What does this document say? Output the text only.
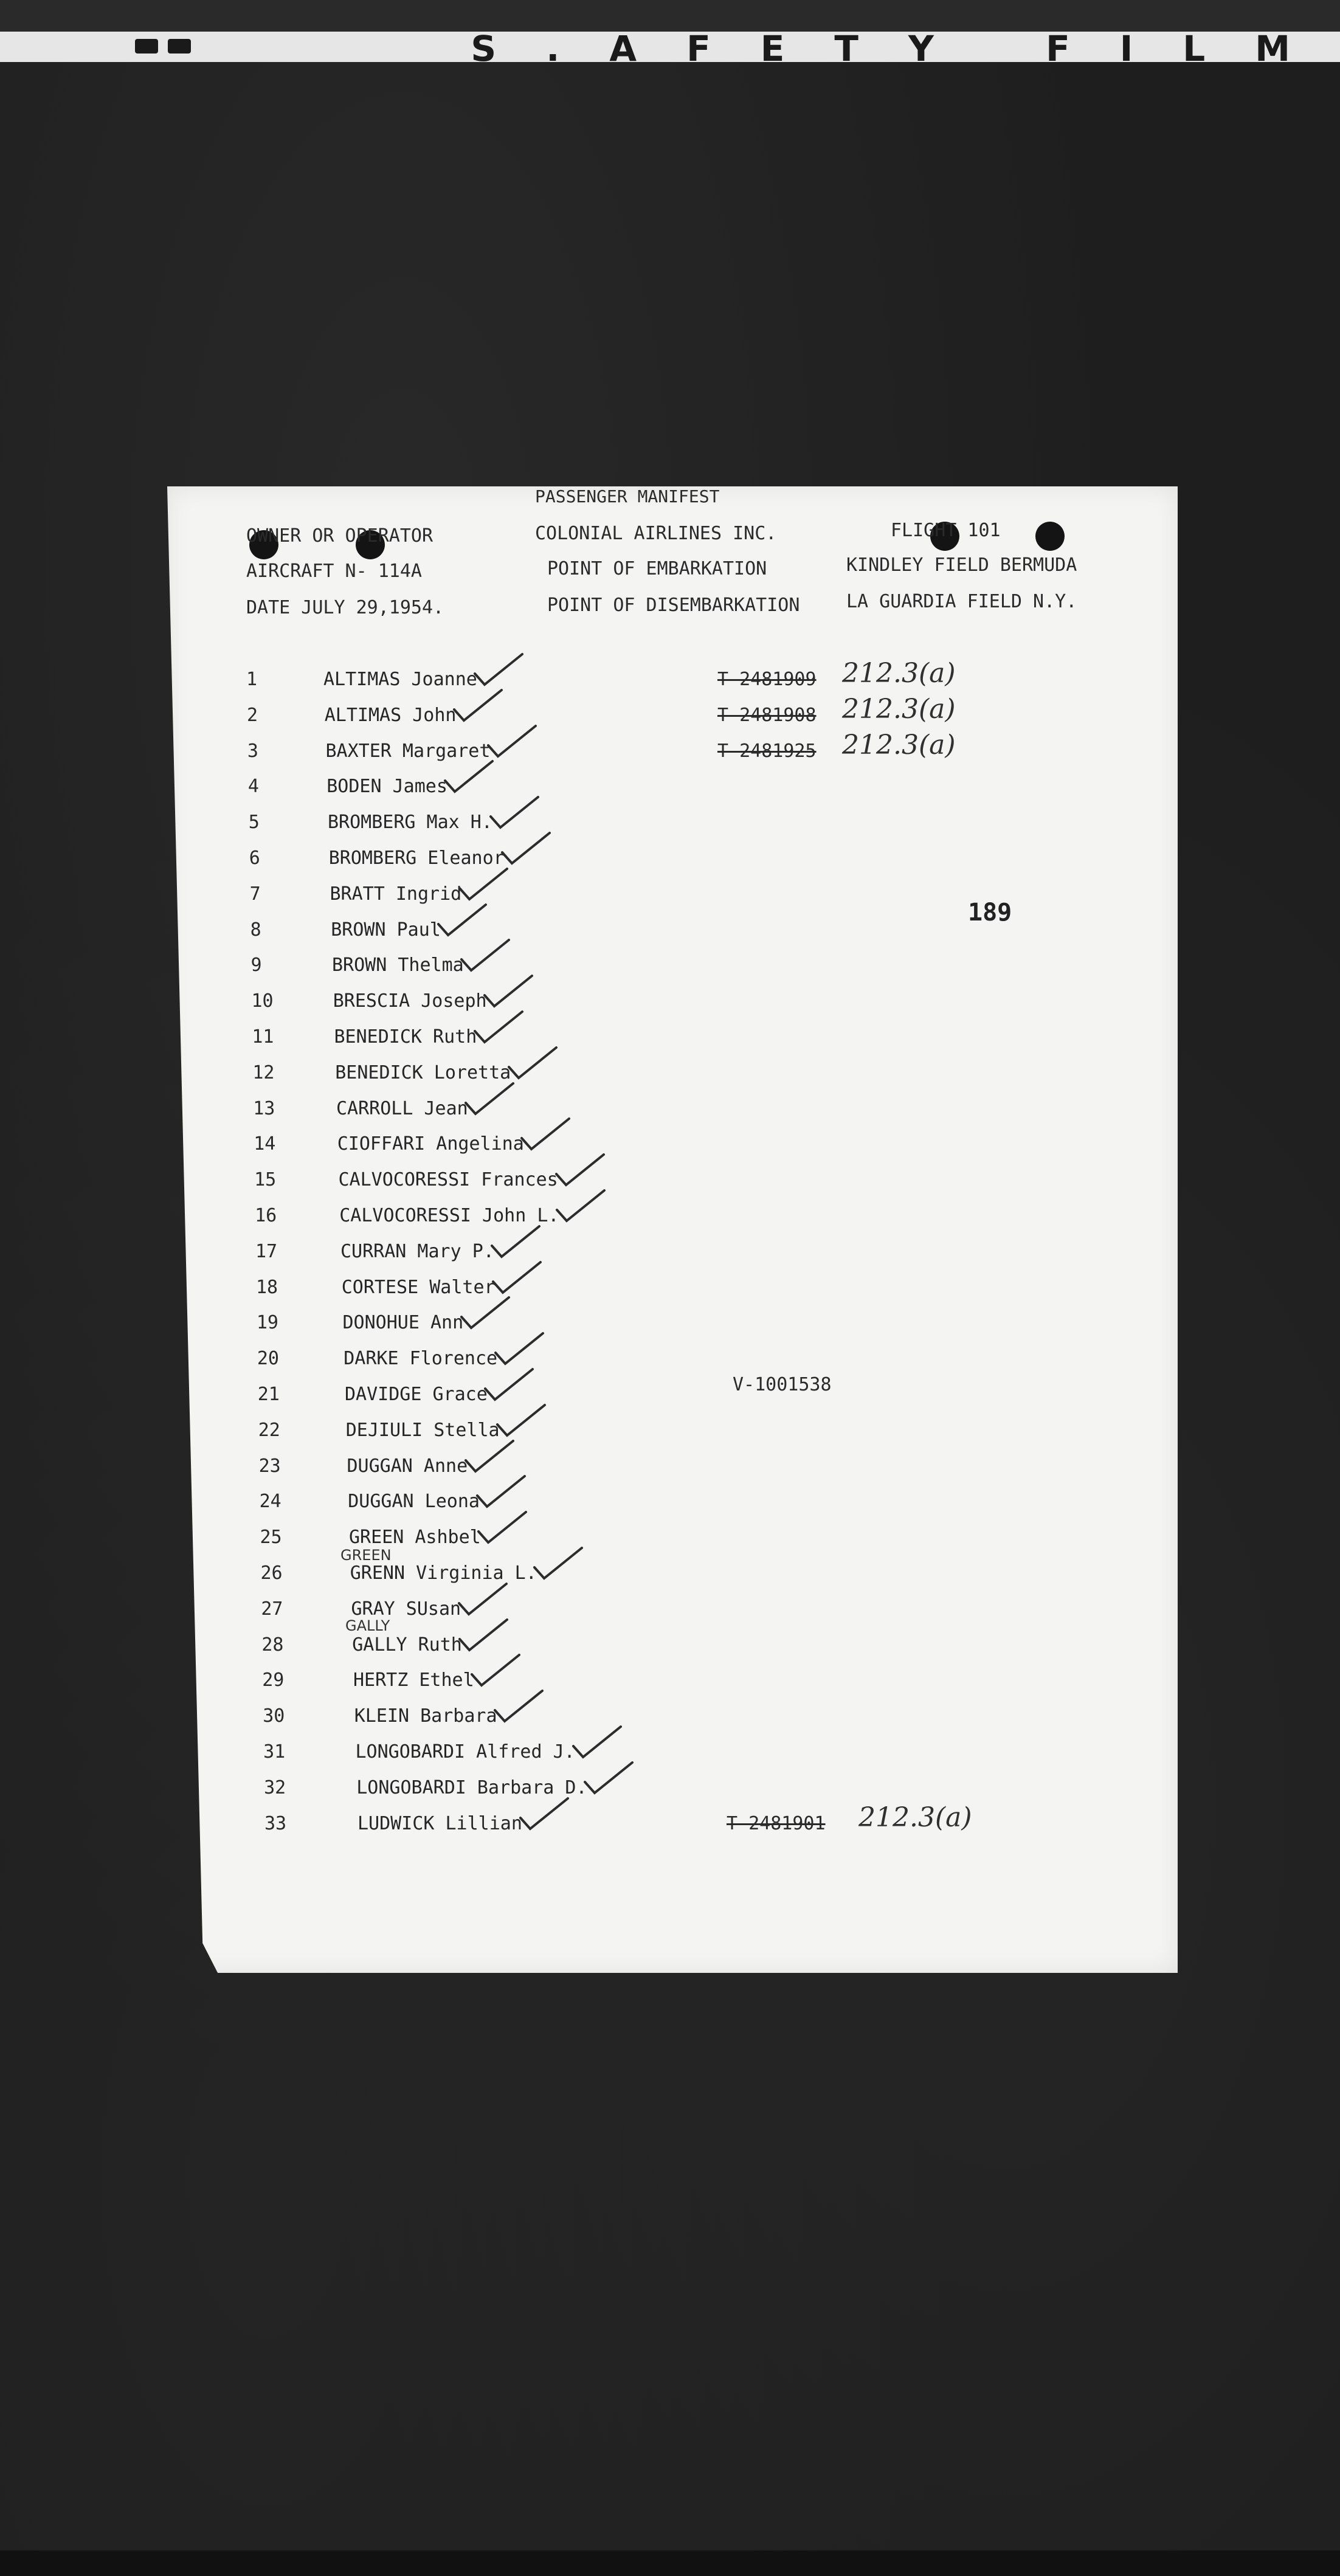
S.AFETY FILM
PASSENGER MANIFEST
OWNER OR OPERATOR	COLONIAL AIRLINES INC.	FLIGHT 101
AIRCRAFT N- 114A	POINT OF EMBARKATION	KINDLEY FIELD BERMUDA
DATE JULY 29,1954.	POINT OF DISEMBARKATION	LA GUARDIA FIELD N.Y.
189
V-1001538
GREEN
GALLY
1	ALTIMAS Joanne	T-2481909 212.3(a)
2	ALTIMAS John	T-2481908 212.3(a)
3	BAXTER Margaret	T-2481925 212.3(a)
4	BODEN James
5	BROMBERG Max H.
6	BROMBERG Eleanor
7	BRATT Ingrid
8	BROWN Paul
9	BROWN Thelma
10	BRESCIA Joseph
11	BENEDICK Ruth
12	BENEDICK Loretta
13	CARROLL Jean
14	CIOFFARI Angelina
15	CALVOCORESSI Frances
16	CALVOCORESSI John L.
17	CURRAN Mary P.
18	CORTESE Walter
19	DONOHUE Ann
20	DARKE Florence
21	DAVIDGE Grace
22	DEJIULI Stella
23	DUGGAN Anne
24	DUGGAN Leona
25	GREEN Ashbel
26	GRENN Virginia L.
27	GRAY SUsan
28	GALLY Ruth
29	HERTZ Ethel
30	KLEIN Barbara
31	LONGOBARDI Alfred J.
32	LONGOBARDI Barbara D.
33	LUDWICK Lillian	T-2481901 212.3(a)
